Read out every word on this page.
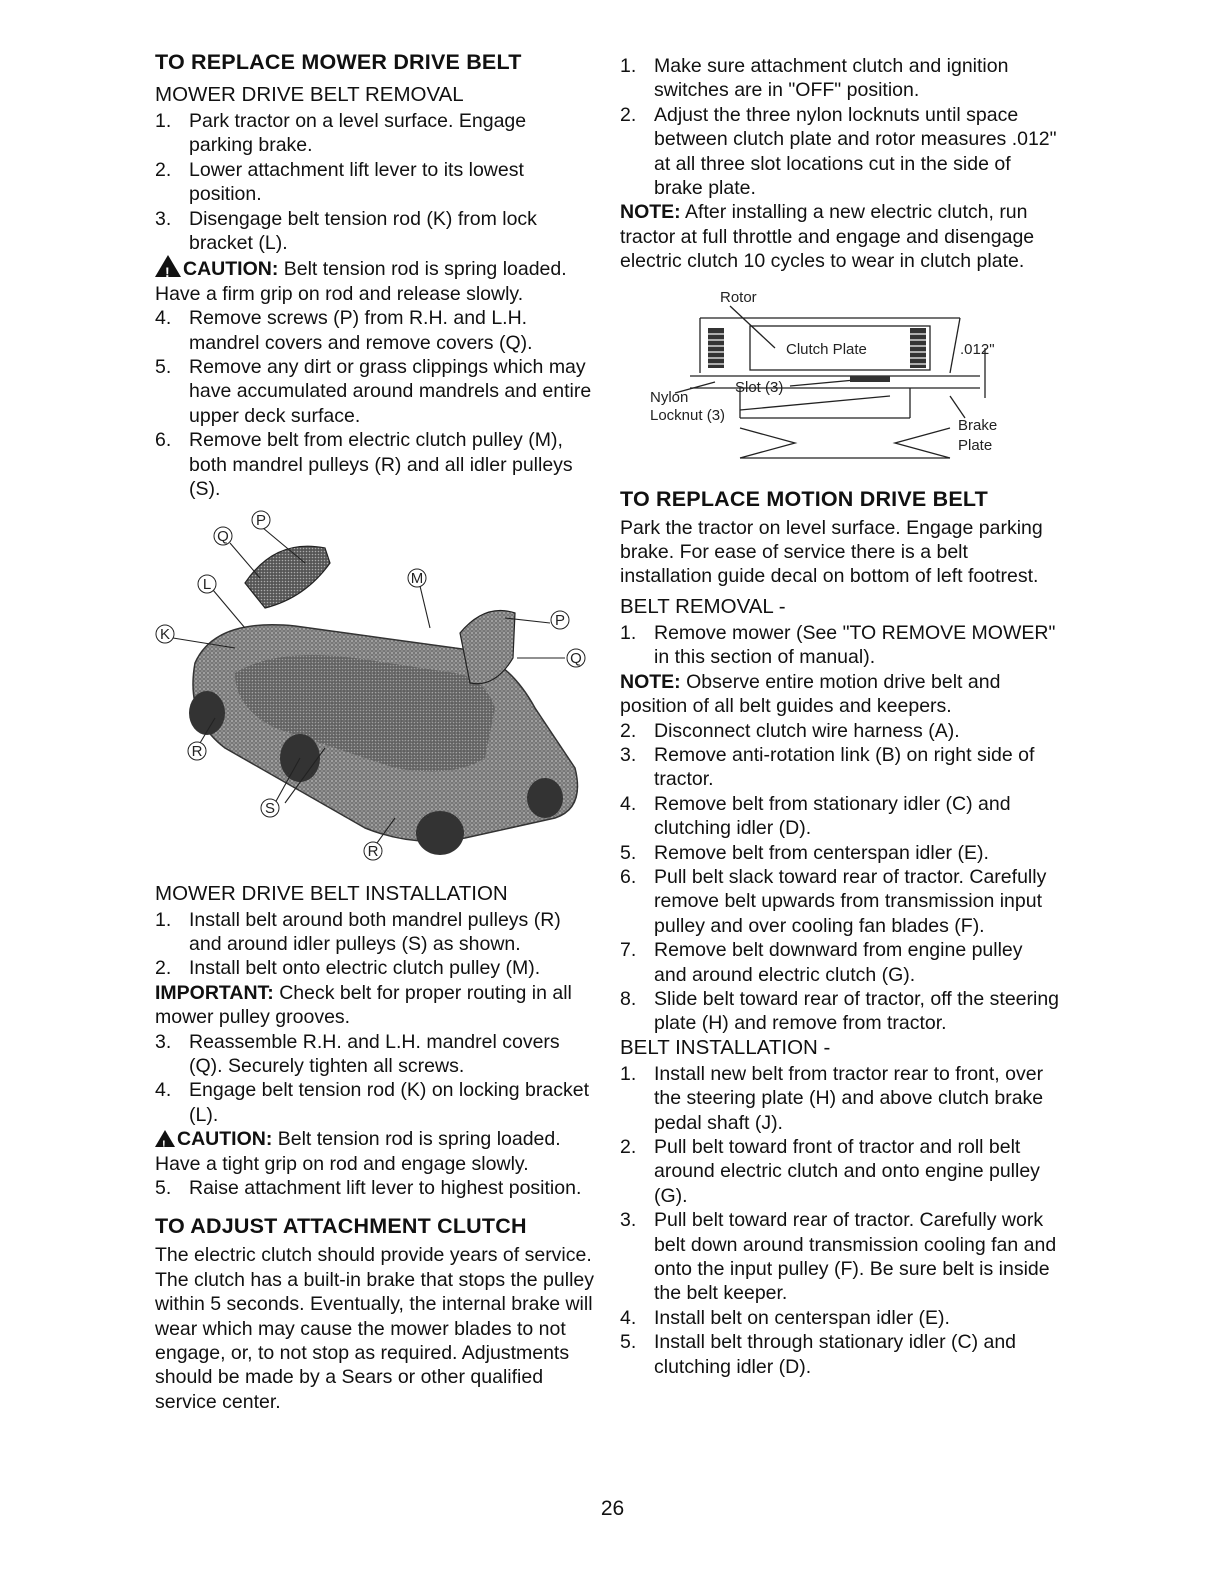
TO REPLACE MOWER DRIVE BELT
MOWER DRIVE BELT REMOVAL
1. Park tractor on a level surface. Engage parking brake.
2. Lower attachment lift lever to its lowest position.
3. Disengage belt tension rod (K) from lock bracket (L).
! CAUTION: Belt tension rod is spring loaded. Have a firm grip on rod and release slowly.
4. Remove screws (P) from R.H. and L.H. mandrel covers and remove covers (Q).
5. Remove any dirt or grass clippings which may have accumulated around mandrels and entire upper deck surface.
6. Remove belt from electric clutch pulley (M), both mandrel pulleys (R) and all idler pulleys (S).
Q
P
L	M
K
P
Q
R
S
R
MOWER DRIVE BELT INSTALLATION
1. Install belt around both mandrel pulleys (R) and around idler pulleys (S) as shown.
2. Install belt onto electric clutch pulley (M).

IMPORTANT: Check belt for proper routing in all mower pulley grooves.

3. Reassemble R.H. and L.H. mandrel covers (Q). Securely tighten all screws.
4. Engage belt tension rod (K) on locking bracket (L).
! CAUTION: Belt tension rod is spring loaded. Have a tight grip on rod and engage slowly.
5. Raise attachment lift lever to highest position.
TO ADJUST ATTACHMENT CLUTCH

The electric clutch should provide years of service. The clutch has a built-in brake that stops the pulley within 5 seconds. Eventually, the internal brake will wear which may cause the mower blades to not engage, or, to not stop as required. Adjustments should be made by a Sears or other qualified service center.

1. Make sure attachment clutch and ignition switches are in "OFF" position.
2. Adjust the three nylon locknuts until space between clutch plate and rotor measures .012" at all three slot locations cut in the side of brake plate.

NOTE: After installing a new electric clutch, run tractor at full throttle and engage and disengage electric clutch 10 cycles to wear in clutch plate.

Rotor
Clutch Plate	.012"
Slot (3)
Nylon
Locknut (3)
Brake
Plate
TO REPLACE MOTION DRIVE BELT

Park the tractor on level surface. Engage parking brake. For ease of service there is a belt installation guide decal on bottom of left footrest.

BELT REMOVAL -
1. Remove mower (See "TO REMOVE MOWER" in this section of manual).

NOTE: Observe entire motion drive belt and position of all belt guides and keepers.

2. Disconnect clutch wire harness (A).
3. Remove anti-rotation link (B) on right side of tractor.
4. Remove belt from stationary idler (C) and clutching idler (D).
5. Remove belt from centerspan idler (E).
6. Pull belt slack toward rear of tractor. Carefully remove belt upwards from transmission input pulley and over cooling fan blades (F).
7. Remove belt downward from engine pulley and around electric clutch (G).
8. Slide belt toward rear of tractor, off the steering plate (H) and remove from tractor.
BELT INSTALLATION -
1. Install new belt from tractor rear to front, over the steering plate (H) and above clutch brake pedal shaft (J).
2. Pull belt toward front of tractor and roll belt around electric clutch and onto engine pulley (G).
3. Pull belt toward rear of tractor. Carefully work belt down around transmission cooling fan and onto the input pulley (F). Be sure belt is inside the belt keeper.
4. Install belt on centerspan idler (E).
5. Install belt through stationary idler (C) and clutching idler (D).
26
